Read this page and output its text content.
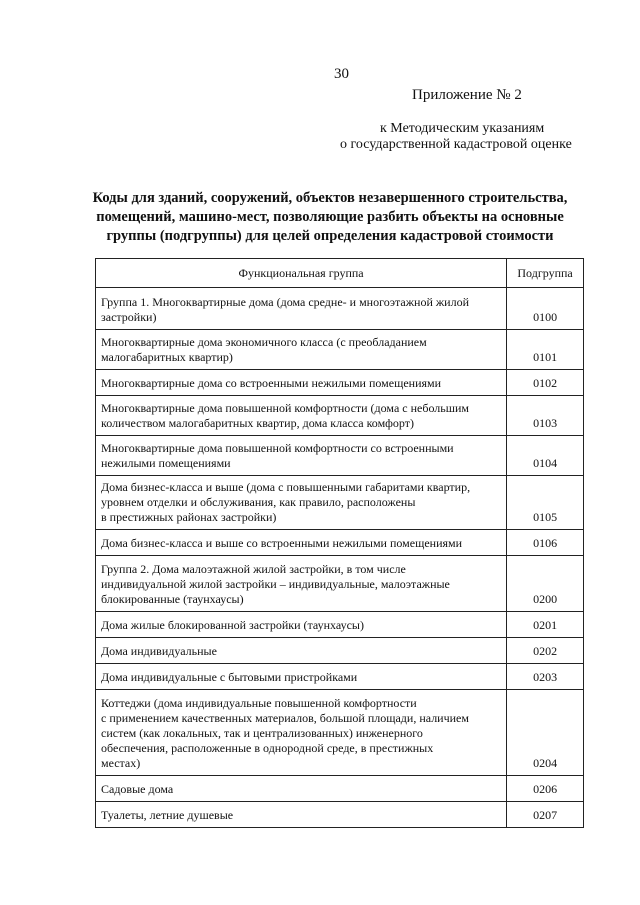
30
Приложение № 2
к Методическим указаниям
о государственной кадастровой оценке
Коды для зданий, сооружений, объектов незавершенного строительства,
помещений, машино-мест, позволяющие разбить объекты на основные
группы (подгруппы) для целей определения кадастровой стоимости
Функциональная группа	Подгруппа

Группа 1. Многоквартирные дома (дома средне- и многоэтажной жилой
застройки)	0100

Многоквартирные дома экономичного класса (с преобладанием
малогабаритных квартир)	0101

Многоквартирные дома со встроенными нежилыми помещениями	0102

Многоквартирные дома повышенной комфортности (дома с небольшим
количеством малогабаритных квартир, дома класса комфорт)	0103

Многоквартирные дома повышенной комфортности со встроенными
нежилыми помещениями	0104

Дома бизнес-класса и выше (дома с повышенными габаритами квартир,
уровнем отделки и обслуживания, как правило, расположены
в престижных районах застройки)	0105

Дома бизнес-класса и выше со встроенными нежилыми помещениями	0106

Группа 2. Дома малоэтажной жилой застройки, в том числе
индивидуальной жилой застройки – индивидуальные, малоэтажные
блокированные (таунхаусы)	0200

Дома жилые блокированной застройки (таунхаусы)	0201

Дома индивидуальные	0202

Дома индивидуальные с бытовыми пристройками	0203

Коттеджи (дома индивидуальные повышенной комфортности
с применением качественных материалов, большой площади, наличием
систем (как локальных, так и централизованных) инженерного
обеспечения, расположенные в однородной среде, в престижных
местах)	0204

Садовые дома	0206

Туалеты, летние душевые	0207
